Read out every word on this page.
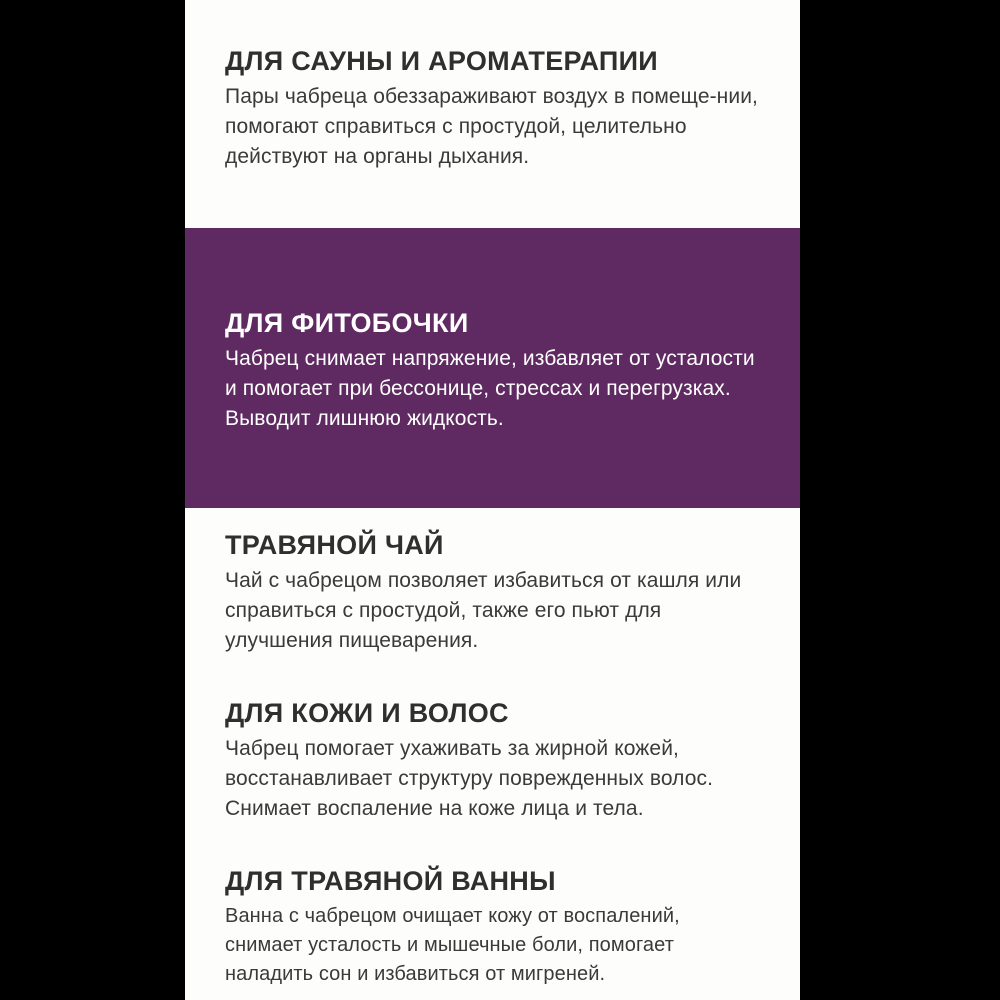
ДЛЯ САУНЫ И АРОМАТЕРАПИИ

Пары чабреца обеззараживают воздух в помеще-нии, помогают справиться с простудой, целительно действуют на органы дыхания.

ДЛЯ ФИТОБОЧКИ

Чабрец снимает напряжение, избавляет от усталости и помогает при бессонице, стрессах и перегрузках. Выводит лишнюю жидкость.

ТРАВЯНОЙ ЧАЙ

Чай с чабрецом позволяет избавиться от кашля или справиться с простудой, также его пьют для улучшения пищеварения.

ДЛЯ КОЖИ И ВОЛОС

Чабрец помогает ухаживать за жирной кожей, восстанавливает структуру поврежденных волос. Снимает воспаление на коже лица и тела.

ДЛЯ ТРАВЯНОЙ ВАННЫ

Ванна с чабрецом очищает кожу от воспалений, снимает усталость и мышечные боли, помогает наладить сон и избавиться от мигреней.
